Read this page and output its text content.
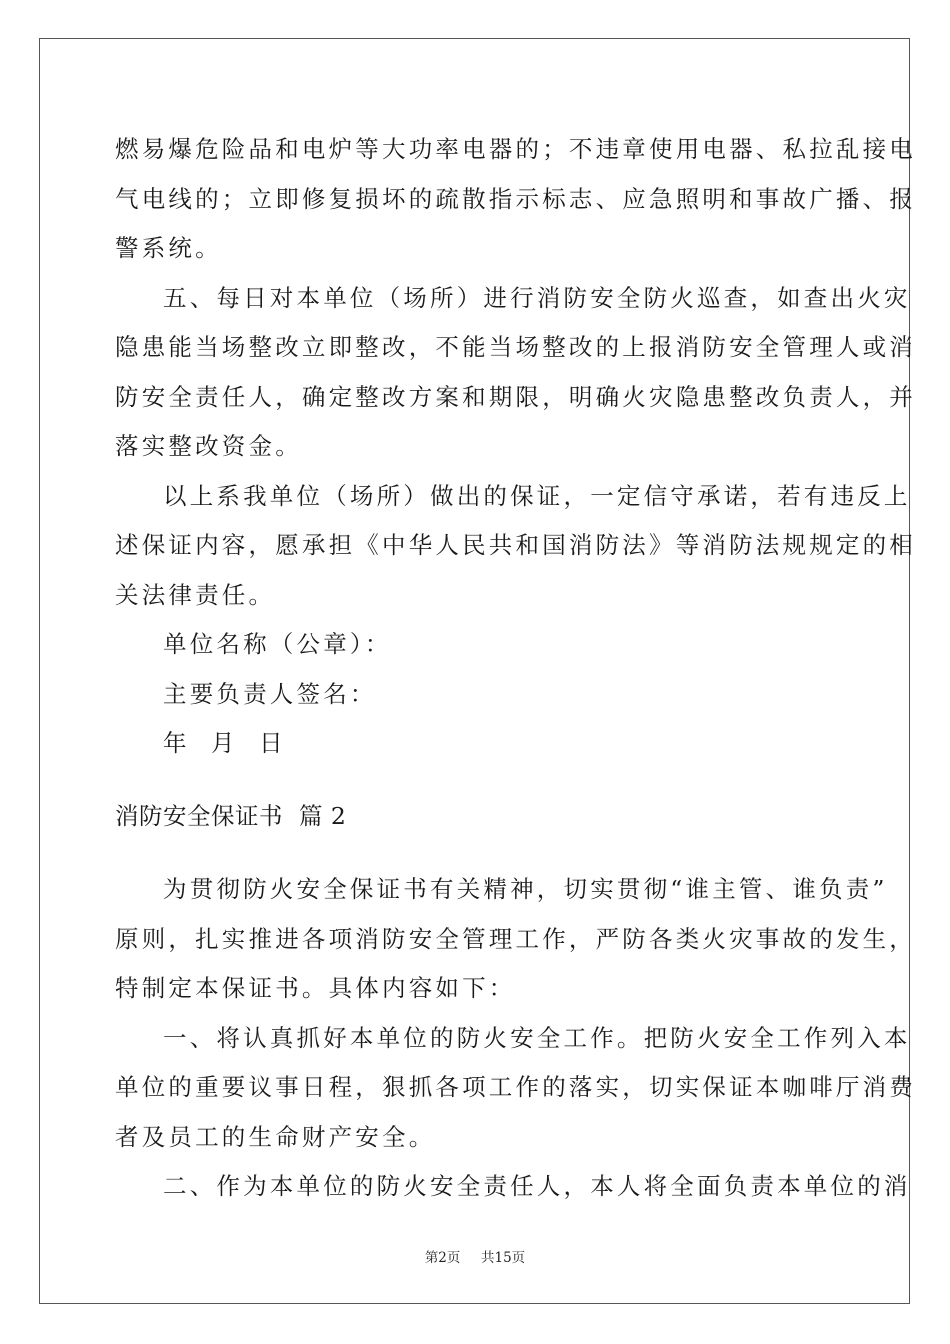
燃易爆危险品和电炉等大功率电器的；不违章使用电器、私拉乱接电

气电线的；立即修复损坏的疏散指示标志、应急照明和事故广播、报

警系统。

五、每日对本单位（场所）进行消防安全防火巡查，如查出火灾

隐患能当场整改立即整改，不能当场整改的上报消防安全管理人或消

防安全责任人，确定整改方案和期限，明确火灾隐患整改负责人，并

落实整改资金。

以上系我单位（场所）做出的保证，一定信守承诺，若有违反上

述保证内容，愿承担《中华人民共和国消防法》等消防法规规定的相

关法律责任。

单位名称（公章）：

主要负责人签名：

年  月  日

消防安全保证书  篇 2

为贯彻防火安全保证书有关精神，切实贯彻“谁主管、谁负责”

原则，扎实推进各项消防安全管理工作，严防各类火灾事故的发生，

特制定本保证书。具体内容如下：

一、将认真抓好本单位的防火安全工作。把防火安全工作列入本

单位的重要议事日程，狠抓各项工作的落实，切实保证本咖啡厅消费

者及员工的生命财产安全。

二、作为本单位的防火安全责任人，本人将全面负责本单位的消

第2页 共15页
